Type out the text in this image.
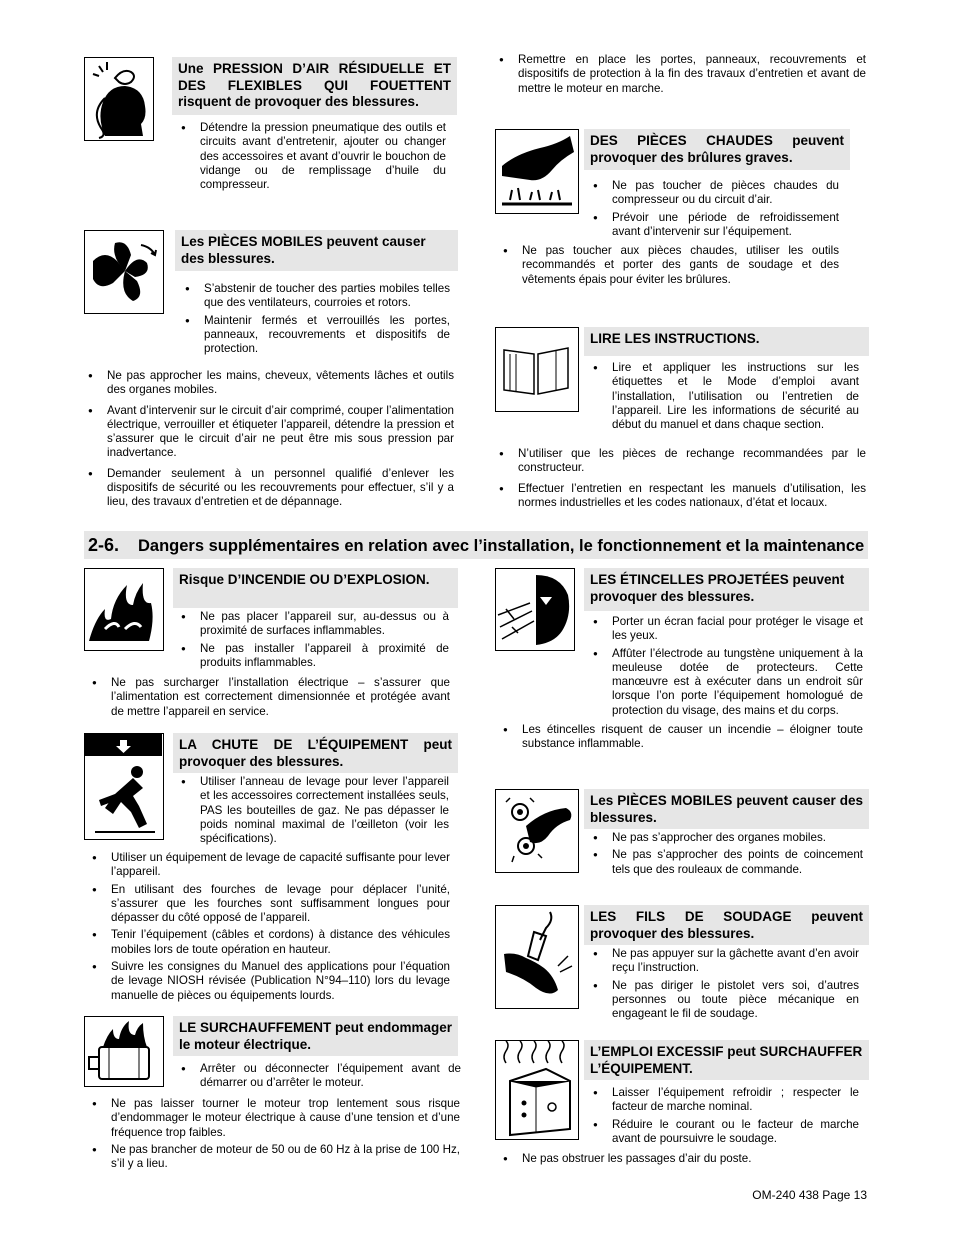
Une PRESSION D’AIR RÉSIDUELLE ET DES FLEXIBLES QUI FOUETTENT risquent de provoquer des blessures.
● Détendre la pression pneumatique des outils et circuits avant d’entretenir, ajouter ou changer des accessoires et avant d’ouvrir le bouchon de vidange ou de remplissage d’huile du compresseur.
Les PIÈCES MOBILES peuvent causer des blessures.
● S’abstenir de toucher des parties mobiles telles que des ventilateurs, courroies et rotors.
● Maintenir fermés et verrouillés les portes, panneaux, recouvrements et dispositifs de protection.
● Ne pas approcher les mains, cheveux, vêtements lâches et outils des organes mobiles.
● Avant d’intervenir sur le circuit d’air comprimé, couper l’alimentation électrique, verrouiller et étiqueter l’appareil, détendre la pression et s’assurer que le circuit d’air ne peut être mis sous pression par inadvertance.
● Demander seulement à un personnel qualifié d’enlever les dispositifs de sécurité ou les recouvrements pour effectuer, s’il y a lieu, des travaux d’entretien et de dépannage.
● Remettre en place les portes, panneaux, recouvrements et dispositifs de protection à la fin des travaux d’entretien et avant de mettre le moteur en marche.
DES PIÈCES CHAUDES peuvent provoquer des brûlures graves.
● Ne pas toucher de pièces chaudes du compresseur ou du circuit d’air.
● Prévoir une période de refroidissement avant d’intervenir sur l’équipement.
● Ne pas toucher aux pièces chaudes, utiliser les outils recommandés et porter des gants de soudage et des vêtements épais pour éviter les brûlures.
LIRE LES INSTRUCTIONS.
● Lire et appliquer les instructions sur les étiquettes et le Mode d’emploi avant l’installation, l’utilisation ou l’entretien de l’appareil. Lire les informations de sécurité au début du manuel et dans chaque section.
● N’utiliser que les pièces de rechange recommandées par le constructeur.
● Effectuer l’entretien en respectant les manuels d’utilisation, les normes industrielles et les codes nationaux, d’état et locaux.
2-6. Dangers supplémentaires en relation avec l’installation, le fonctionnement et la maintenance
Risque D’INCENDIE OU D’EXPLOSION.
● Ne pas placer l’appareil sur, au-dessus ou à proximité de surfaces inflammables.
● Ne pas installer l’appareil à proximité de produits inflammables.
● Ne pas surcharger l’installation électrique – s’assurer que l’alimentation est correctement dimensionnée et protégée avant de mettre l’appareil en service.
LA CHUTE DE L’ÉQUIPEMENT peut provoquer des blessures.
● Utiliser l’anneau de levage pour lever l’appareil et les accessoires correctement installées seuls, PAS les bouteilles de gaz. Ne pas dépasser le poids nominal maximal de l’œilleton (voir les spécifications).
● Utiliser un équipement de levage de capacité suffisante pour lever l’appareil.
● En utilisant des fourches de levage pour déplacer l’unité, s’assurer que les fourches sont suffisamment longues pour dépasser du côté opposé de l’appareil.
● Tenir l’équipement (câbles et cordons) à distance des véhicules mobiles lors de toute opération en hauteur.
● Suivre les consignes du Manuel des applications pour l’équation de levage NIOSH révisée (Publication N°94–110) lors du levage manuelle de pièces ou équipements lourds.
LE SURCHAUFFEMENT peut endommager le moteur électrique.
● Arrêter ou déconnecter l’équipement avant de démarrer ou d’arrêter le moteur.
● Ne pas laisser tourner le moteur trop lentement sous risque d’endommager le moteur électrique à cause d’une tension et d’une fréquence trop faibles.
● Ne pas brancher de moteur de 50 ou de 60 Hz à la prise de 100 Hz, s’il y a lieu.
LES ÉTINCELLES PROJETÉES peuvent provoquer des blessures.
● Porter un écran facial pour protéger le visage et les yeux.
● Affûter l’électrode au tungstène uniquement à la meuleuse dotée de protecteurs. Cette manœuvre est à exécuter dans un endroit sûr lorsque l’on porte l’équipement homologué de protection du visage, des mains et du corps.
● Les étincelles risquent de causer un incendie – éloigner toute substance inflammable.
Les PIÈCES MOBILES peuvent causer des blessures.
● Ne pas s’approcher des organes mobiles.
● Ne pas s’approcher des points de coincement tels que des rouleaux de commande.
LES FILS DE SOUDAGE peuvent provoquer des blessures.
● Ne pas appuyer sur la gâchette avant d’en avoir reçu l’instruction.
● Ne pas diriger le pistolet vers soi, d’autres personnes ou toute pièce mécanique en engageant le fil de soudage.
L’EMPLOI EXCESSIF peut SURCHAUFFER L’ÉQUIPEMENT.
● Laisser l’équipement refroidir ; respecter le facteur de marche nominal.
● Réduire le courant ou le facteur de marche avant de poursuivre le soudage.
● Ne pas obstruer les passages d’air du poste.
OM-240 438 Page 13
